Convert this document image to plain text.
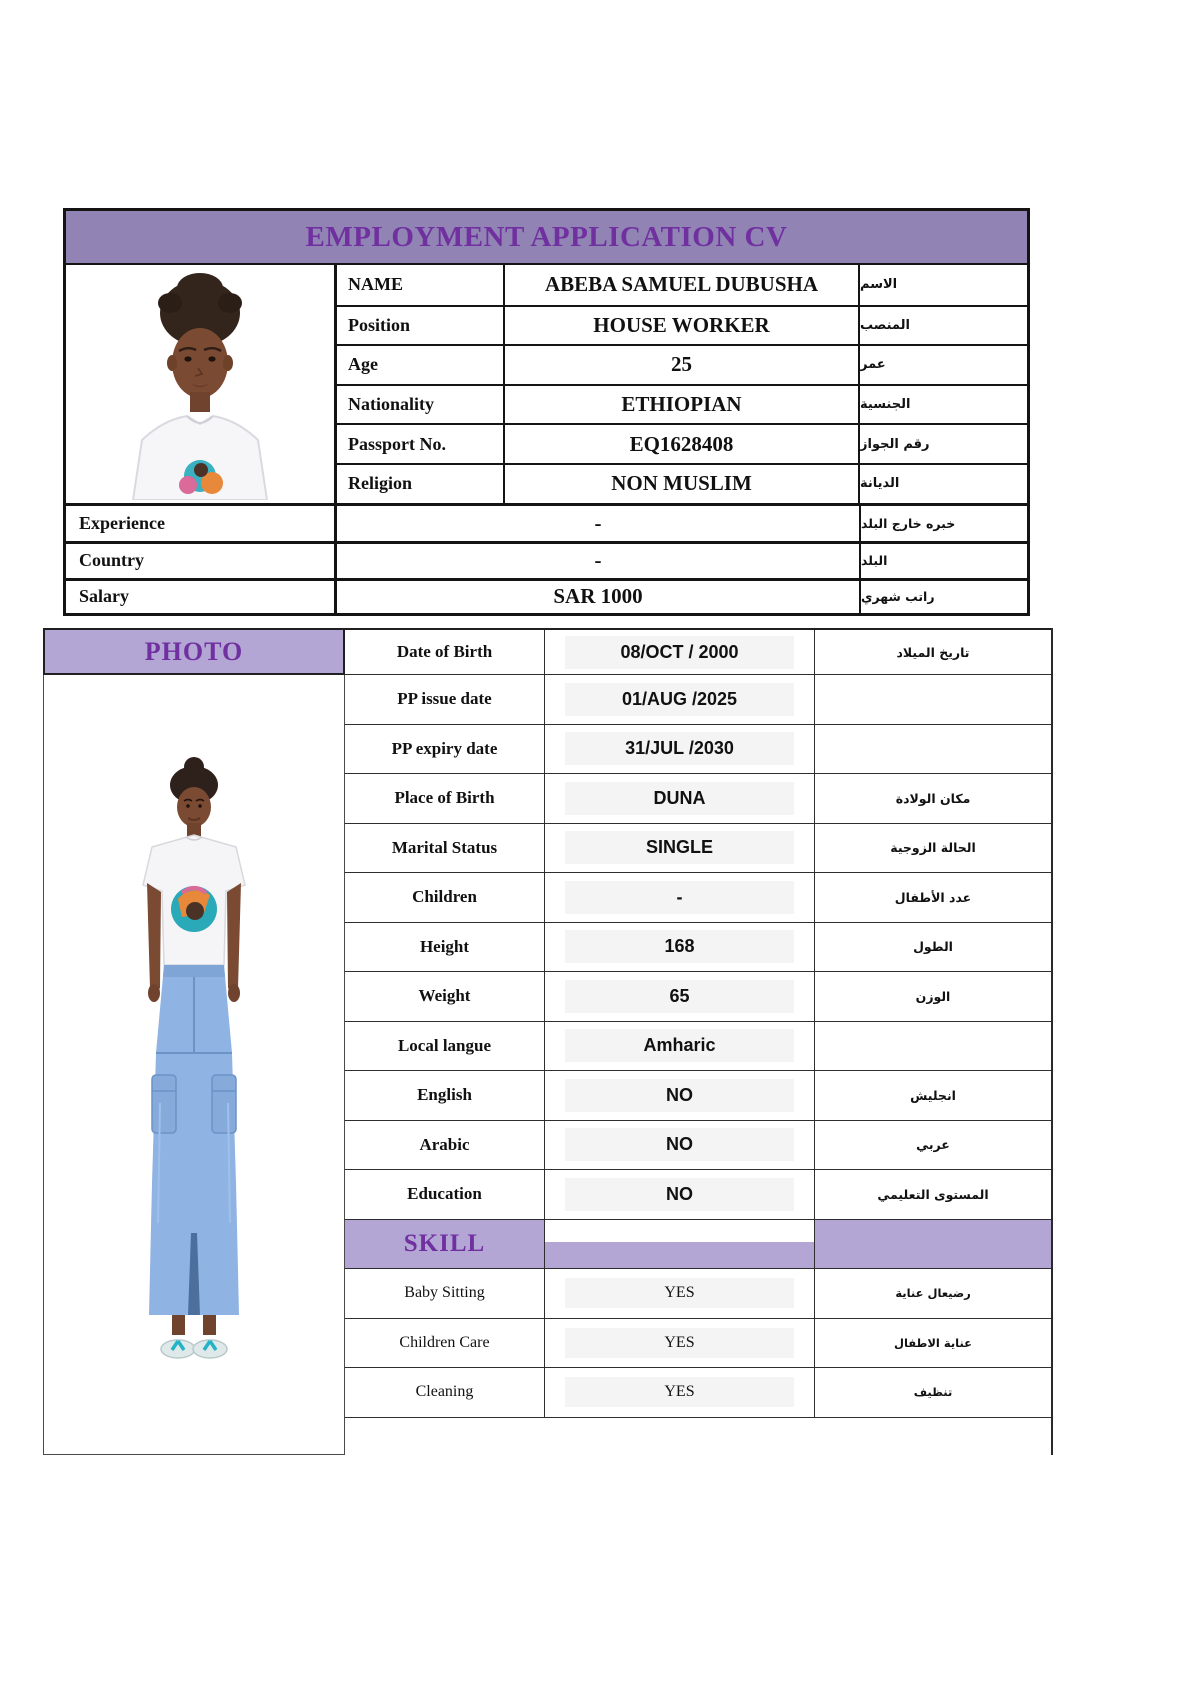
EMPLOYMENT APPLICATION CV
NAME	ABEBA SAMUEL DUBUSHA	الاسم
Position	HOUSE WORKER	المنصب
Age	25	عمر
Nationality	ETHIOPIAN	الجنسية
Passport No.	EQ1628408	رقم الجواز
Religion	NON MUSLIM	الديانة
Experience	-	خبره خارج البلد
Country	-	البلد
Salary	SAR 1000	راتب شهري
PHOTO	Date of Birth	08/OCT / 2000	تاريخ الميلاد
PP issue date	01/AUG /2025
PP expiry date	31/JUL /2030
Place of Birth	DUNA	مكان الولادة
Marital Status	SINGLE	الحالة الزوجية
Children	-	عدد الأطفال
Height	168	الطول
Weight	65	الوزن
Local langue	Amharic
English	NO	انجليش
Arabic	NO	عربي
Education	NO	المستوى التعليمي
SKILL
Baby Sitting	YES	رضيعال عناية
Children Care	YES	عناية الاطفال
Cleaning	YES	تنظيف
